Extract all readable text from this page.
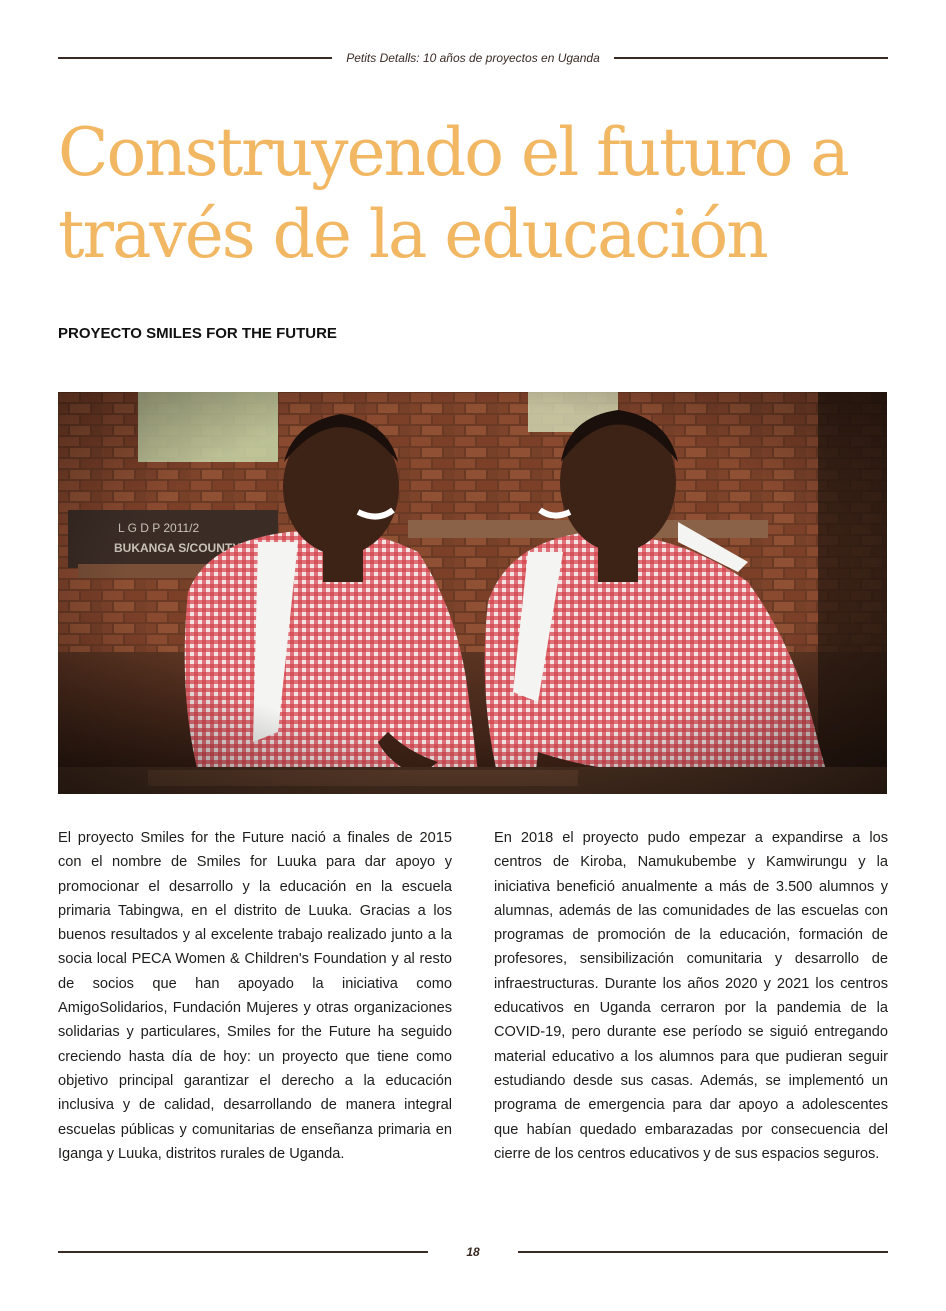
Petits Detalls: 10 años de proyectos en Uganda
Construyendo el futuro a
través de la educación
PROYECTO SMILES FOR THE FUTURE

El proyecto Smiles for the Future nació a finales de 2015 con el nombre de Smiles for Luuka para dar apoyo y promocionar el desarrollo y la educación en la escuela primaria Tabingwa, en el distrito de Luuka. Gracias a los buenos resultados y al excelente trabajo realizado junto a la socia local PECA Women & Children's Foundation y al resto de socios que han apoyado la iniciativa como AmigoSolidarios, Fundación Mujeres y otras organizaciones solidarias y particulares, Smiles for the Future ha seguido creciendo hasta día de hoy: un proyecto que tiene como objetivo principal garantizar el derecho a la educación inclusiva y de calidad, desarrollando de manera integral escuelas públicas y comunitarias de enseñanza primaria en Iganga y Luuka, distritos rurales de Uganda.

En 2018 el proyecto pudo empezar a expandirse a los centros de Kiroba, Namukubembe y Kamwirungu y la iniciativa benefició anualmente a más de 3.500 alumnos y alumnas, además de las comunidades de las escuelas con programas de promoción de la educación, formación de profesores, sensibilización comunitaria y desarrollo de infraestructuras. Durante los años 2020 y 2021 los centros educativos en Uganda cerraron por la pandemia de la COVID-19, pero durante ese período se siguió entregando material educativo a los alumnos para que pudieran seguir estudiando desde sus casas. Además, se implementó un programa de emergencia para dar apoyo a adolescentes que habían quedado embarazadas por consecuencia del cierre de los centros educativos y de sus espacios seguros.

18
